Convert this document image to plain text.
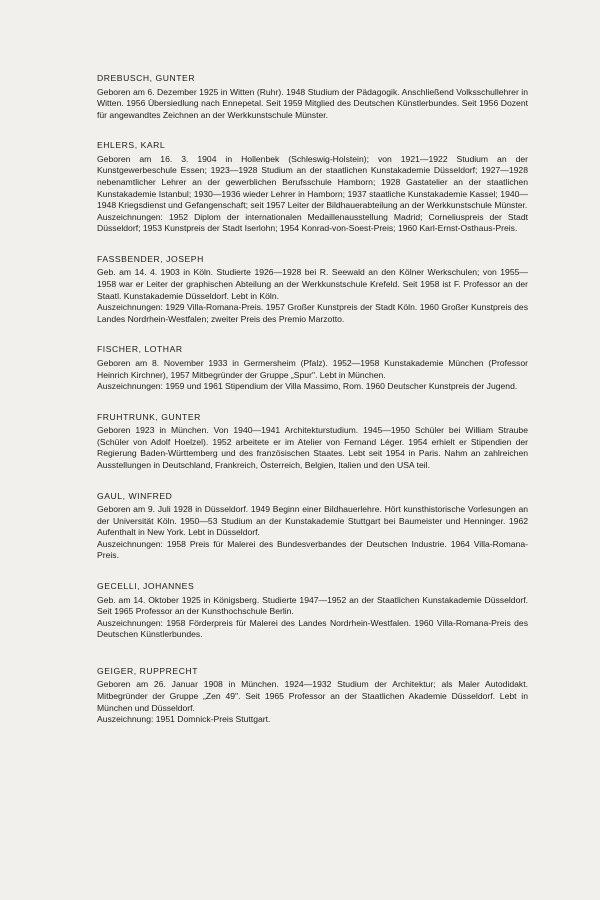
DREBUSCH, GUNTER

Geboren am 6. Dezember 1925 in Witten (Ruhr). 1948 Studium der Pädagogik. Anschließend Volksschullehrer in Witten. 1956 Übersiedlung nach Ennepetal. Seit 1959 Mitglied des Deutschen Künstlerbundes. Seit 1956 Dozent für angewandtes Zeichnen an der Werkkunstschule Münster.

EHLERS, KARL

Geboren am 16. 3. 1904 in Hollenbek (Schleswig-Holstein); von 1921—1922 Studium an der Kunstgewerbeschule Essen; 1923—1928 Studium an der staatlichen Kunstakademie Düsseldorf; 1927—1928 nebenamtlicher Lehrer an der gewerblichen Berufsschule Hamborn; 1928 Gastatelier an der staatlichen Kunstakademie Istanbul; 1930—1936 wieder Lehrer in Hamborn; 1937 staatliche Kunstakademie Kassel; 1940—1948 Kriegsdienst und Gefangenschaft; seit 1957 Leiter der Bildhauerabteilung an der Werkkunstschule Münster.

Auszeichnungen: 1952 Diplom der internationalen Medaillenausstellung Madrid; Corneliuspreis der Stadt Düsseldorf; 1953 Kunstpreis der Stadt Iserlohn; 1954 Konrad-von-Soest-Preis; 1960 Karl-Ernst-Osthaus-Preis.

FASSBENDER, JOSEPH

Geb. am 14. 4. 1903 in Köln. Studierte 1926—1928 bei R. Seewald an den Kölner Werkschulen; von 1955—1958 war er Leiter der graphischen Abteilung an der Werkkunstschule Krefeld. Seit 1958 ist F. Professor an der Staatl. Kunstakademie Düsseldorf. Lebt in Köln.

Auszeichnungen: 1929 Villa-Romana-Preis. 1957 Großer Kunstpreis der Stadt Köln. 1960 Großer Kunstpreis des Landes Nordrhein-Westfalen; zweiter Preis des Premio Marzotto.

FISCHER, LOTHAR

Geboren am 8. November 1933 in Germersheim (Pfalz). 1952—1958 Kunstakademie München (Professor Heinrich Kirchner), 1957 Mitbegründer der Gruppe „Spur". Lebt in München.

Auszeichnungen: 1959 und 1961 Stipendium der Villa Massimo, Rom. 1960 Deutscher Kunstpreis der Jugend.

FRUHTRUNK, GUNTER

Geboren 1923 in München. Von 1940—1941 Architekturstudium. 1945—1950 Schüler bei William Straube (Schüler von Adolf Hoelzel). 1952 arbeitete er im Atelier von Fernand Léger. 1954 erhielt er Stipendien der Regierung Baden-Württemberg und des französischen Staates. Lebt seit 1954 in Paris. Nahm an zahlreichen Ausstellungen in Deutschland, Frankreich, Österreich, Belgien, Italien und den USA teil.

GAUL, WINFRED

Geboren am 9. Juli 1928 in Düsseldorf. 1949 Beginn einer Bildhauerlehre. Hört kunsthistorische Vorlesungen an der Universität Köln. 1950—53 Studium an der Kunstakademie Stuttgart bei Baumeister und Henninger. 1962 Aufenthalt in New York. Lebt in Düsseldorf.

Auszeichnungen: 1958 Preis für Malerei des Bundesverbandes der Deutschen Industrie. 1964 Villa-Romana-Preis.

GECELLI, JOHANNES

Geb. am 14. Oktober 1925 in Königsberg. Studierte 1947—1952 an der Staatlichen Kunstakademie Düsseldorf. Seit 1965 Professor an der Kunsthochschule Berlin.

Auszeichnungen: 1958 Förderpreis für Malerei des Landes Nordrhein-Westfalen. 1960 Villa-Romana-Preis des Deutschen Künstlerbundes.

GEIGER, RUPPRECHT

Geboren am 26. Januar 1908 in München. 1924—1932 Studium der Architektur; als Maler Autodidakt. Mitbegründer der Gruppe „Zen 49". Seit 1965 Professor an der Staatlichen Akademie Düsseldorf. Lebt in München und Düsseldorf.

Auszeichnung: 1951 Domnick-Preis Stuttgart.
